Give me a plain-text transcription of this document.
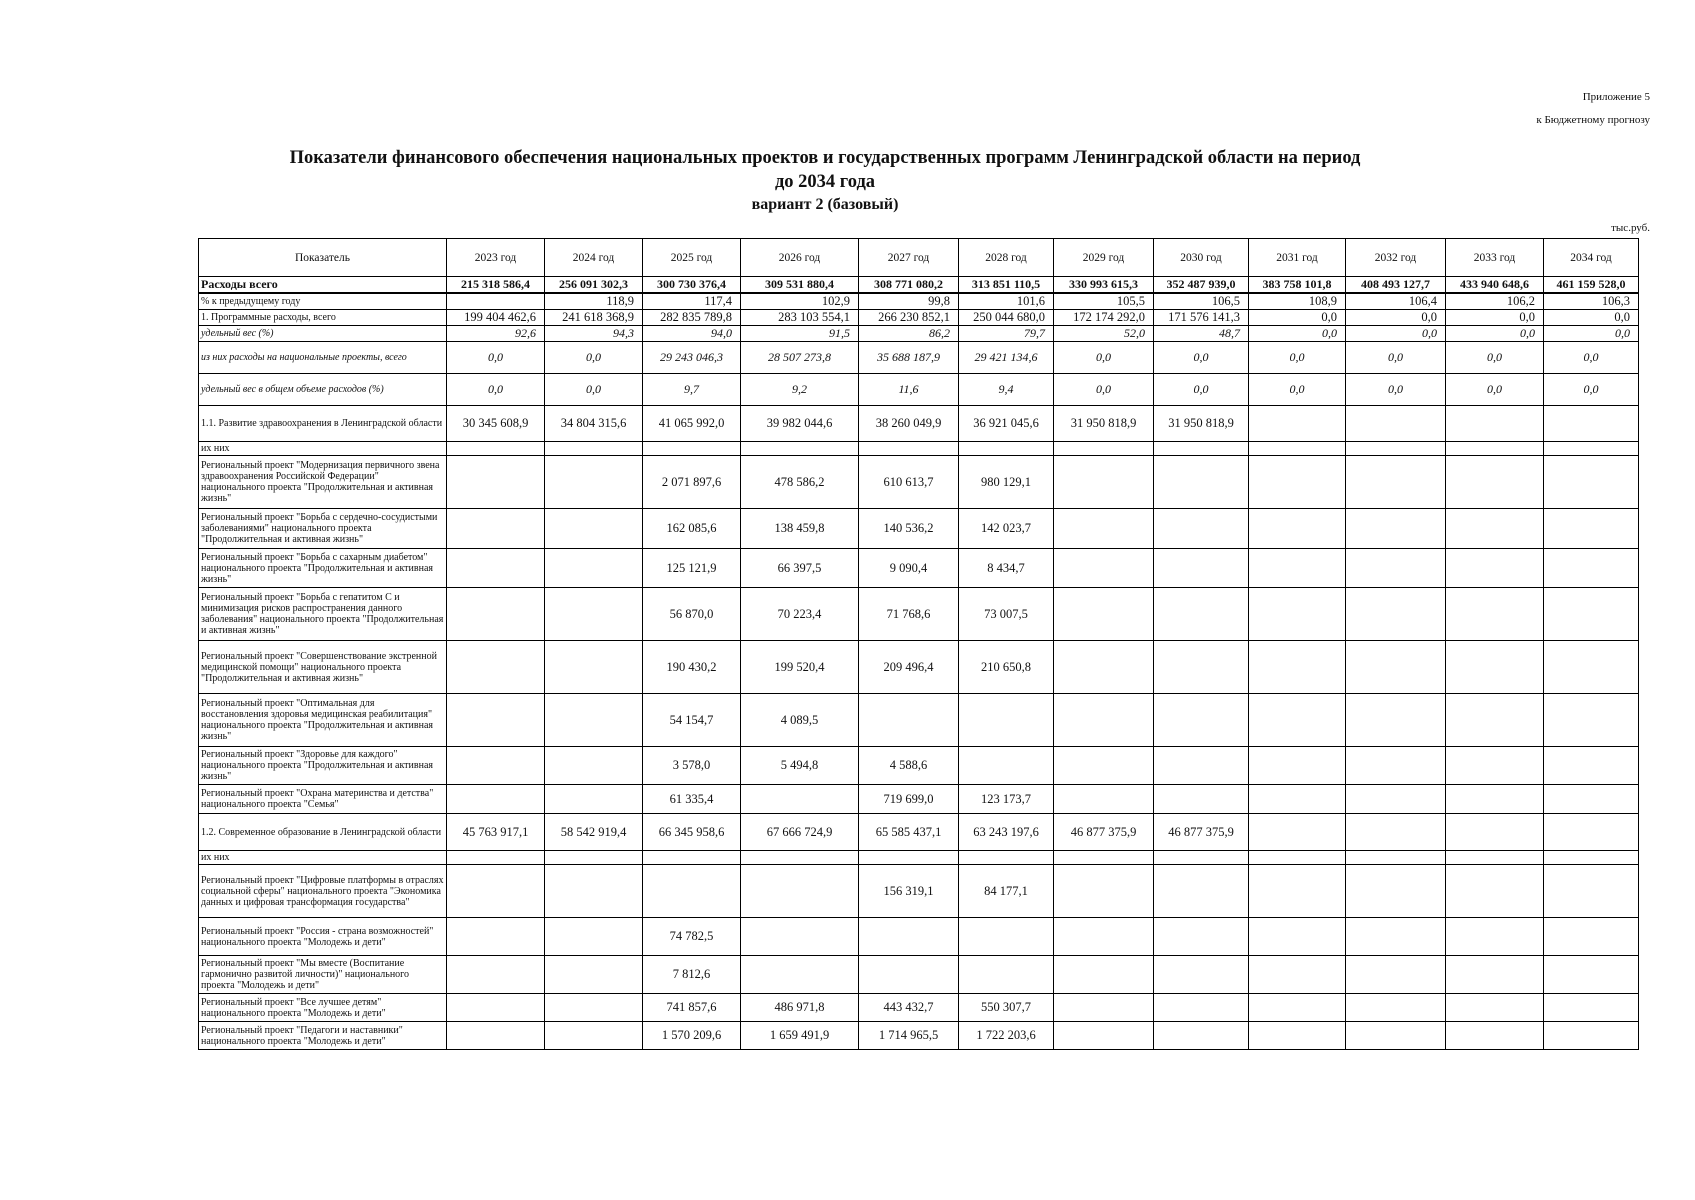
Приложение 5
к Бюджетному прогнозу
Показатели финансового обеспечения национальных проектов и государственных программ Ленинградской области на период
до 2034 года
вариант 2 (базовый)
тыс.руб.
Показатель	2023 год	2024 год	2025 год	2026 год	2027 год	2028 год	2029 год	2030 год	2031 год	2032 год	2033 год	2034 год
Расходы всего	215 318 586,4	256 091 302,3	300 730 376,4	309 531 880,4	308 771 080,2	313 851 110,5	330 993 615,3	352 487 939,0	383 758 101,8	408 493 127,7	433 940 648,6	461 159 528,0
% к предыдущему году		118,9	117,4	102,9	99,8	101,6	105,5	106,5	108,9	106,4	106,2	106,3
1. Программные расходы, всего	199 404 462,6	241 618 368,9	282 835 789,8	283 103 554,1	266 230 852,1	250 044 680,0	172 174 292,0	171 576 141,3	0,0	0,0	0,0	0,0
удельный вес (%)	92,6	94,3	94,0	91,5	86,2	79,7	52,0	48,7	0,0	0,0	0,0	0,0
из них расходы на национальные проекты, всего	0,0	0,0	29 243 046,3	28 507 273,8	35 688 187,9	29 421 134,6	0,0	0,0	0,0	0,0	0,0	0,0
удельный вес в общем объеме расходов (%)	0,0	0,0	9,7	9,2	11,6	9,4	0,0	0,0	0,0	0,0	0,0	0,0
1.1. Развитие здравоохранения в Ленинградской области	30 345 608,9	34 804 315,6	41 065 992,0	39 982 044,6	38 260 049,9	36 921 045,6	31 950 818,9	31 950 818,9				
их них												
Региональный проект "Модернизация первичного звена здравоохранения Российской Федерации" национального проекта "Продолжительная и активная жизнь"			2 071 897,6	478 586,2	610 613,7	980 129,1						
Региональный проект "Борьба с сердечно-сосудистыми заболеваниями" национального проекта "Продолжительная и активная жизнь"			162 085,6	138 459,8	140 536,2	142 023,7						
Региональный проект "Борьба с сахарным диабетом" национального проекта "Продолжительная и активная жизнь"			125 121,9	66 397,5	9 090,4	8 434,7						
Региональный проект "Борьба с гепатитом С и минимизация рисков распространения данного заболевания" национального проекта "Продолжительная и активная жизнь"			56 870,0	70 223,4	71 768,6	73 007,5						
Региональный проект "Совершенствование экстренной медицинской помощи" национального проекта "Продолжительная и активная жизнь"			190 430,2	199 520,4	209 496,4	210 650,8						
Региональный проект "Оптимальная для восстановления здоровья медицинская реабилитация" национального проекта "Продолжительная и активная жизнь"			54 154,7	4 089,5								
Региональный проект "Здоровье для каждого" национального проекта "Продолжительная и активная жизнь"			3 578,0	5 494,8	4 588,6							
Региональный проект "Охрана материнства и детства" национального проекта "Семья"			61 335,4		719 699,0	123 173,7						
1.2. Современное образование в Ленинградской области	45 763 917,1	58 542 919,4	66 345 958,6	67 666 724,9	65 585 437,1	63 243 197,6	46 877 375,9	46 877 375,9				
их них												
Региональный проект "Цифровые платформы в отраслях социальной сферы" национального проекта "Экономика данных и цифровая трансформация государства"					156 319,1	84 177,1						
Региональный проект "Россия - страна возможностей" национального проекта "Молодежь и дети"			74 782,5									
Региональный проект "Мы вместе (Воспитание гармонично развитой личности)" национального проекта "Молодежь и дети"			7 812,6									
Региональный проект "Все лучшее детям" национального проекта "Молодежь и дети"			741 857,6	486 971,8	443 432,7	550 307,7						
Региональный проект "Педагоги и наставники" национального проекта "Молодежь и дети"			1 570 209,6	1 659 491,9	1 714 965,5	1 722 203,6						
